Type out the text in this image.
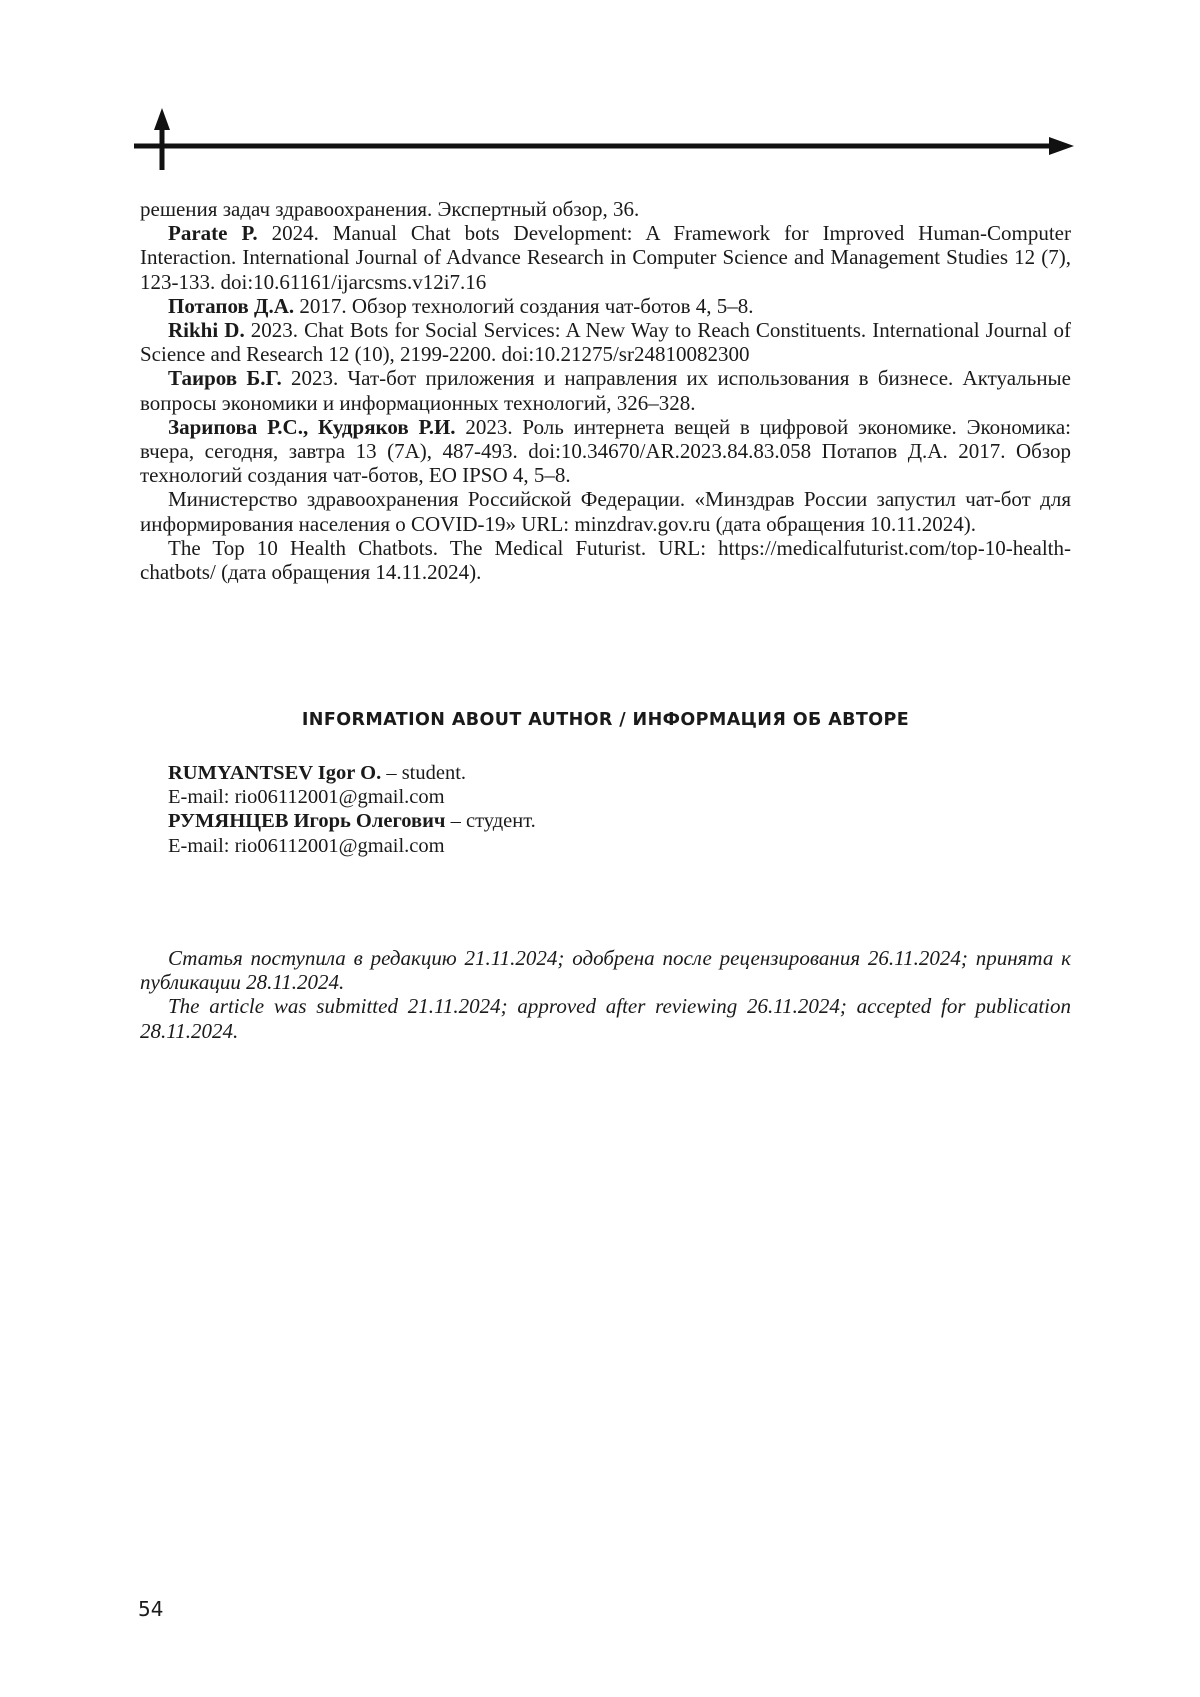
решения задач здравоохранения. Экспертный обзор, 36.

Parate P. 2024. Manual Chat bots Development: A Framework for Improved Human-Computer Interaction. International Journal of Advance Research in Computer Science and Management Studies 12 (7), 123-133. doi:10.61161/ijarcsms.v12i7.16

Потапов Д.А. 2017. Обзор технологий создания чат-ботов 4, 5–8.

Rikhi D. 2023. Chat Bots for Social Services: A New Way to Reach Constituents. International Journal of Science and Research 12 (10), 2199-2200. doi:10.21275/sr24810082300

Таиров Б.Г. 2023. Чат-бот приложения и направления их использования в бизнесе. Актуальные вопросы экономики и информационных технологий, 326–328.

Зарипова Р.С., Кудряков Р.И. 2023. Роль интернета вещей в цифровой экономике. Экономика: вчера, сегодня, завтра 13 (7А), 487-493. doi:10.34670/AR.2023.84.83.058 Потапов Д.А. 2017. Обзор технологий создания чат-ботов, ЕО IPSO 4, 5–8.

Министерство здравоохранения Российской Федерации. «Минздрав России запустил чат-бот для информирования населения о COVID-19» URL: minzdrav.gov.ru (дата обращения 10.11.2024).

The Top 10 Health Chatbots. The Medical Futurist. URL: https://medicalfuturist.com/top-10-health-chatbots/ (дата обращения 14.11.2024).

INFORMATION ABOUT AUTHOR / ИНФОРМАЦИЯ ОБ АВТОРЕ
RUMYANTSEV Igor O. – student.
E-mail: rio06112001@gmail.com
РУМЯНЦЕВ Игорь Олегович – студент.
E-mail: rio06112001@gmail.com

Статья поступила в редакцию 21.11.2024; одобрена после рецензирования 26.11.2024; принята к публикации 28.11.2024.

The article was submitted 21.11.2024; approved after reviewing 26.11.2024; accepted for publication 28.11.2024.

54
